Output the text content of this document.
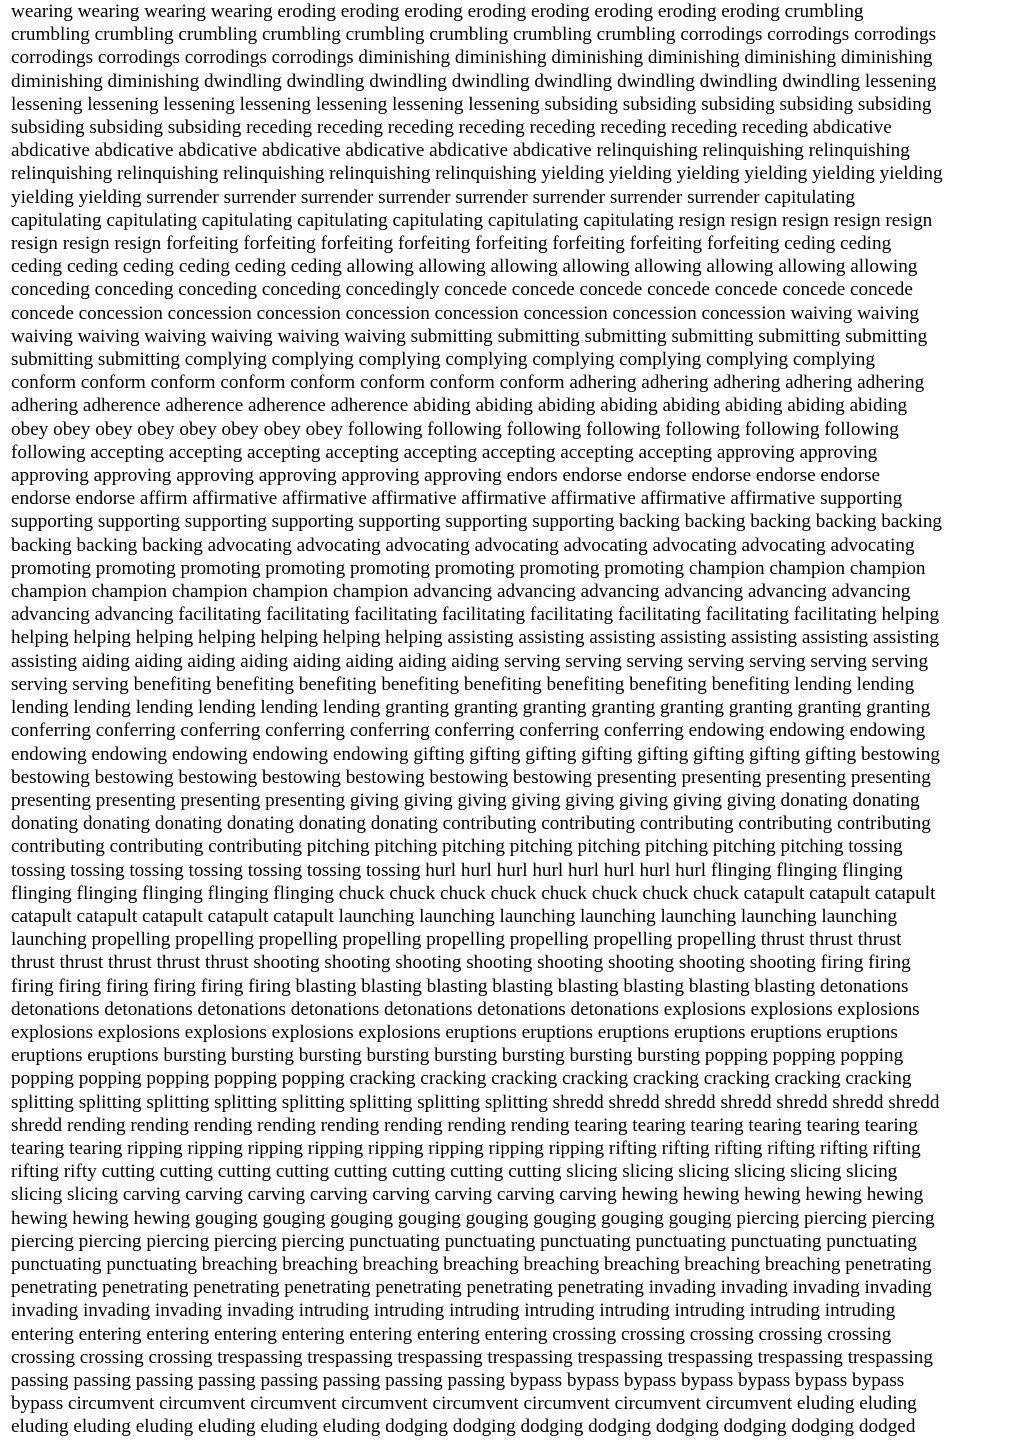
wearing wearing wearing wearing eroding eroding eroding eroding eroding eroding eroding eroding crumbling
crumbling crumbling crumbling crumbling crumbling crumbling crumbling crumbling corrodings corrodings corrodings
corrodings corrodings corrodings corrodings diminishing diminishing diminishing diminishing diminishing diminishing
diminishing diminishing dwindling dwindling dwindling dwindling dwindling dwindling dwindling dwindling lessening
lessening lessening lessening lessening lessening lessening lessening subsiding subsiding subsiding subsiding subsiding
subsiding subsiding subsiding receding receding receding receding receding receding receding receding abdicative
abdicative abdicative abdicative abdicative abdicative abdicative abdicative relinquishing relinquishing relinquishing
relinquishing relinquishing relinquishing relinquishing relinquishing yielding yielding yielding yielding yielding yielding
yielding yielding surrender surrender surrender surrender surrender surrender surrender surrender capitulating
capitulating capitulating capitulating capitulating capitulating capitulating capitulating resign resign resign resign resign
resign resign resign forfeiting forfeiting forfeiting forfeiting forfeiting forfeiting forfeiting forfeiting ceding ceding
ceding ceding ceding ceding ceding ceding allowing allowing allowing allowing allowing allowing allowing allowing
conceding conceding conceding conceding concedingly concede concede concede concede concede concede concede
concede concession concession concession concession concession concession concession concession waiving waiving
waiving waiving waiving waiving waiving waiving submitting submitting submitting submitting submitting submitting
submitting submitting complying complying complying complying complying complying complying complying
conform conform conform conform conform conform conform conform adhering adhering adhering adhering adhering
adhering adherence adherence adherence adherence abiding abiding abiding abiding abiding abiding abiding abiding
obey obey obey obey obey obey obey obey following following following following following following following
following accepting accepting accepting accepting accepting accepting accepting accepting approving approving
approving approving approving approving approving approving endors endorse endorse endorse endorse endorse
endorse endorse affirm affirmative affirmative affirmative affirmative affirmative affirmative affirmative supporting
supporting supporting supporting supporting supporting supporting supporting backing backing backing backing backing
backing backing backing advocating advocating advocating advocating advocating advocating advocating advocating
promoting promoting promoting promoting promoting promoting promoting promoting champion champion champion
champion champion champion champion champion advancing advancing advancing advancing advancing advancing
advancing advancing facilitating facilitating facilitating facilitating facilitating facilitating facilitating facilitating helping
helping helping helping helping helping helping helping assisting assisting assisting assisting assisting assisting assisting
assisting aiding aiding aiding aiding aiding aiding aiding aiding serving serving serving serving serving serving serving
serving serving benefiting benefiting benefiting benefiting benefiting benefiting benefiting benefiting lending lending
lending lending lending lending lending lending granting granting granting granting granting granting granting granting
conferring conferring conferring conferring conferring conferring conferring conferring endowing endowing endowing
endowing endowing endowing endowing endowing gifting gifting gifting gifting gifting gifting gifting gifting bestowing
bestowing bestowing bestowing bestowing bestowing bestowing bestowing presenting presenting presenting presenting
presenting presenting presenting presenting giving giving giving giving giving giving giving giving donating donating
donating donating donating donating donating donating contributing contributing contributing contributing contributing
contributing contributing contributing pitching pitching pitching pitching pitching pitching pitching pitching tossing
tossing tossing tossing tossing tossing tossing tossing hurl hurl hurl hurl hurl hurl hurl hurl flinging flinging flinging
flinging flinging flinging flinging flinging chuck chuck chuck chuck chuck chuck chuck chuck catapult catapult catapult
catapult catapult catapult catapult catapult launching launching launching launching launching launching launching
launching propelling propelling propelling propelling propelling propelling propelling propelling thrust thrust thrust
thrust thrust thrust thrust thrust shooting shooting shooting shooting shooting shooting shooting shooting firing firing
firing firing firing firing firing firing blasting blasting blasting blasting blasting blasting blasting blasting detonations
detonations detonations detonations detonations detonations detonations detonations explosions explosions explosions
explosions explosions explosions explosions explosions eruptions eruptions eruptions eruptions eruptions eruptions
eruptions eruptions bursting bursting bursting bursting bursting bursting bursting bursting popping popping popping
popping popping popping popping popping cracking cracking cracking cracking cracking cracking cracking cracking
splitting splitting splitting splitting splitting splitting splitting splitting shredd shredd shredd shredd shredd shredd shredd
shredd rending rending rending rending rending rending rending rending tearing tearing tearing tearing tearing tearing
tearing tearing ripping ripping ripping ripping ripping ripping ripping ripping rifting rifting rifting rifting rifting rifting
rifting rifty cutting cutting cutting cutting cutting cutting cutting cutting slicing slicing slicing slicing slicing slicing
slicing slicing carving carving carving carving carving carving carving carving hewing hewing hewing hewing hewing
hewing hewing hewing gouging gouging gouging gouging gouging gouging gouging gouging piercing piercing piercing
piercing piercing piercing piercing piercing punctuating punctuating punctuating punctuating punctuating punctuating
punctuating punctuating breaching breaching breaching breaching breaching breaching breaching breaching penetrating
penetrating penetrating penetrating penetrating penetrating penetrating penetrating invading invading invading invading
invading invading invading invading intruding intruding intruding intruding intruding intruding intruding intruding
entering entering entering entering entering entering entering entering crossing crossing crossing crossing crossing
crossing crossing crossing trespassing trespassing trespassing trespassing trespassing trespassing trespassing trespassing
passing passing passing passing passing passing passing passing bypass bypass bypass bypass bypass bypass bypass
bypass circumvent circumvent circumvent circumvent circumvent circumvent circumvent circumvent eluding eluding
eluding eluding eluding eluding eluding eluding dodging dodging dodging dodging dodging dodging dodging dodged
